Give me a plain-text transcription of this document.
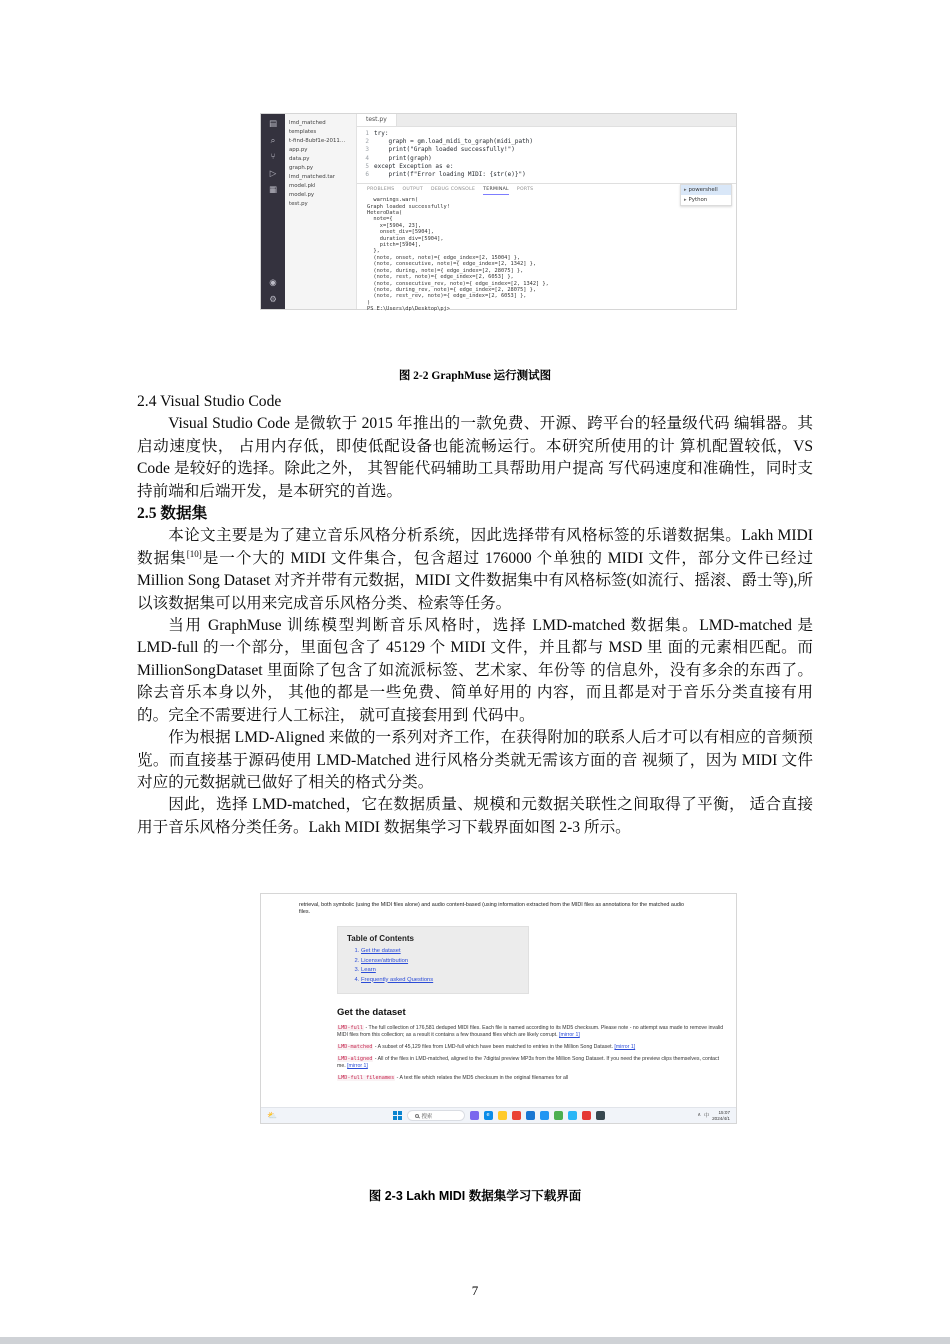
▤
⌕
⑂
▷
▦
◉
⚙
lmd_matched
templates
t-find-8ubf1e-2011…
app.py
data.py
graph.py
lmd_matched.tar
model.pkl
model.py
test.py
test.py
1 try:
2 graph = gm.load_midi_to_graph(midi_path)
3 print("Graph loaded successfully!")
4 print(graph)
5 except Exception as e:
6 print(f"Error loading MIDI: {str(e)}")
PROBLEMS OUTPUT DEBUG CONSOLE TERMINAL PORTS
warnings.warn(
Graph loaded successfully!
HeteroData(
note={
x=[5904, 23],
onset_div=[5904],
duration_div=[5904],
pitch=[5904],
},
(note, onset, note)={ edge_index=[2, 15004] },
(note, consecutive, note)={ edge_index=[2, 1342] },
(note, during, note)={ edge_index=[2, 28075] },
(note, rest, note)={ edge_index=[2, 6053] },
(note, consecutive_rev, note)={ edge_index=[2, 1342] },
(note, during_rev, note)={ edge_index=[2, 28075] },
(note, rest_rev, note)={ edge_index=[2, 6053] },
)
PS E:\Users\dp\Desktop\pj>
▸ powershell
▸ Python
图 2-2 GraphMuse 运行测试图
2.4 Visual Studio Code

Visual Studio Code 是微软于 2015 年推出的一款免费、开源、跨平台的轻量级代码 编辑器。其启动速度快， 占用内存低，即使低配设备也能流畅运行。本研究所使用的计 算机配置较低，VS Code 是较好的选择。除此之外， 其智能代码辅助工具帮助用户提高 写代码速度和准确性，同时支持前端和后端开发，是本研究的首选。

2.5 数据集

本论文主要是为了建立音乐风格分析系统，因此选择带有风格标签的乐谱数据集。Lakh MIDI 数据集[10]是一个大的 MIDI 文件集合，包含超过 176000 个单独的 MIDI 文件，部分文件已经过 Million Song Dataset 对齐并带有元数据，MIDI 文件数据集中有风格标签(如流行、摇滚、爵士等),所以该数据集可以用来完成音乐风格分类、检索等任务。

当用 GraphMuse 训练模型判断音乐风格时，选择 LMD-matched 数据集。LMD-matched 是 LMD-full 的一个部分，里面包含了 45129 个 MIDI 文件，并且都与 MSD 里 面的元素相匹配。而 MillionSongDataset 里面除了包含了如流派标签、艺术家、年份等 的信息外，没有多余的东西了。除去音乐本身以外， 其他的都是一些免费、简单好用的 内容，而且都是对于音乐分类直接有用的。完全不需要进行人工标注， 就可直接套用到 代码中。

作为根据 LMD-Aligned 来做的一系列对齐工作，在获得附加的联系人后才可以有相应的音频预览。而直接基于源码使用 LMD-Matched 进行风格分类就无需该方面的音 视频了，因为 MIDI 文件对应的元数据就已做好了相关的格式分类。

因此，选择 LMD-matched，它在数据质量、规模和元数据关联性之间取得了平衡， 适合直接用于音乐风格分类任务。Lakh MIDI 数据集学习下载界面如图 2-3 所示。

retrieval, both symbolic (using the MIDI files alone) and audio content-based (using information extracted from the MIDI files as annotations for the matched audio files.

Table of Contents
1. Get the dataset
2. License/attribution
3. Learn
4. Frequently asked Questions
Get the dataset

LMD-full - The full collection of 176,581 deduped MIDI files. Each file is named according to its MD5 checksum. Please note - no attempt was made to remove invalid MIDI files from this collection; as a result it contains a few thousand files which are likely corrupt. [mirror 1]

LMD-matched - A subset of 45,129 files from LMD-full which have been matched to entries in the Million Song Dataset. [mirror 1]

LMD-aligned - All of the files in LMD-matched, aligned to the 7digital preview MP3s from the Million Song Dataset. If you need the preview clips themselves, contact me. [mirror 1]

LMD-full filenames - A text file which relates the MD5 checksum in the original filenames for all

⛅	搜索	e	∧ 中
15:07
2024/4/1
图 2-3 Lakh MIDI 数据集学习下载界面
7
